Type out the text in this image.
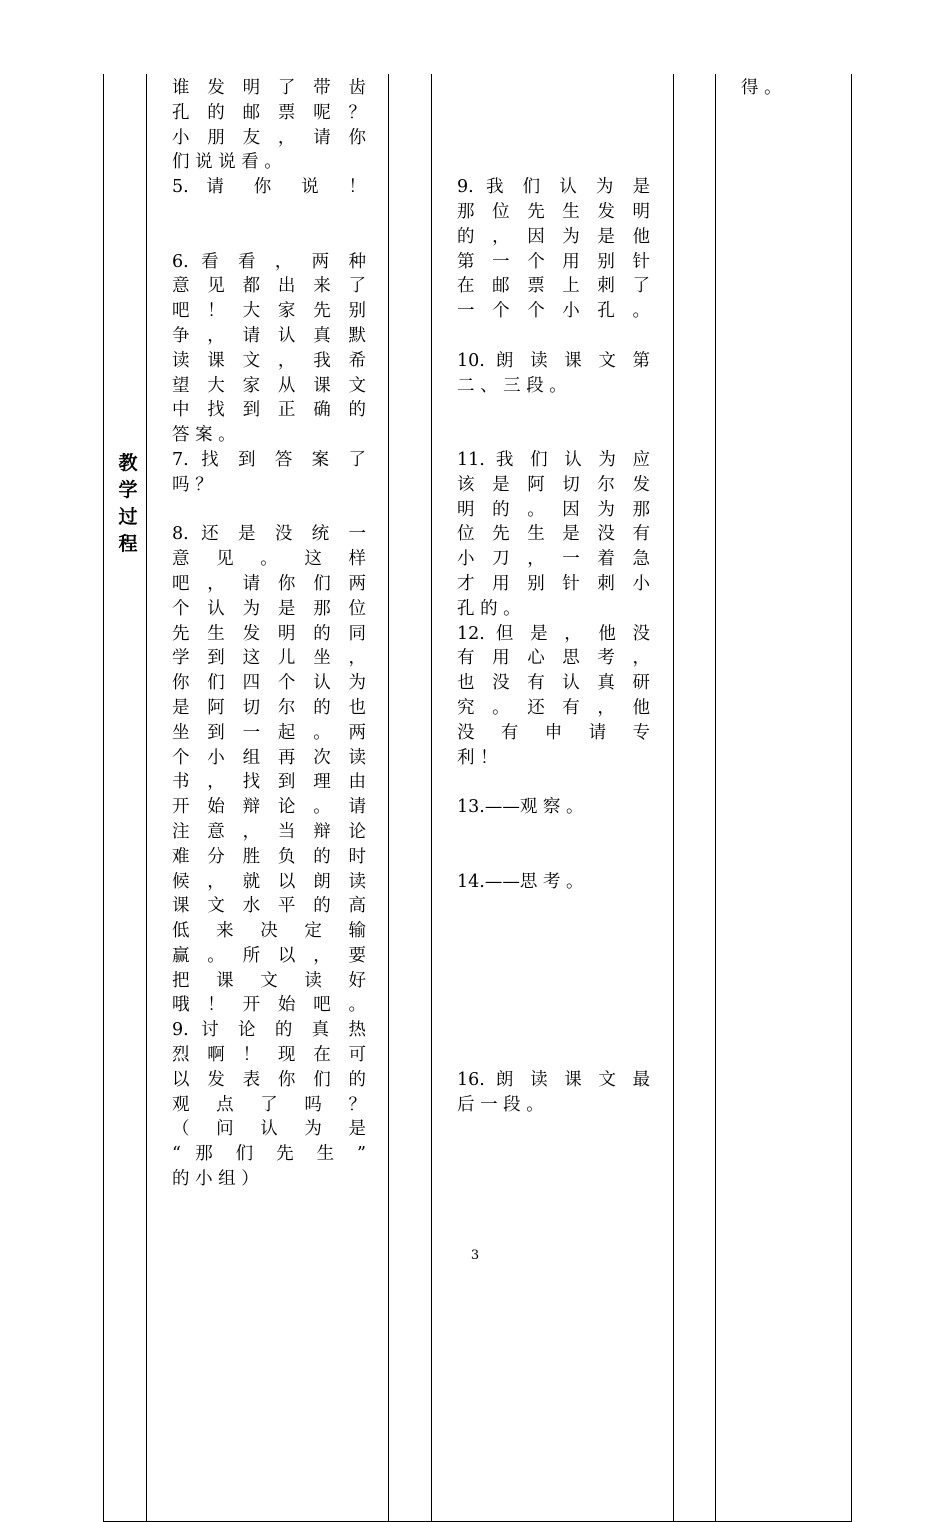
教
学
过
程
谁 发 明 了 带 齿
孔 的 邮 票 呢 ？
小 朋 友 ， 请 你
们 说 说 看 。
5. 请 你 说 ！

6. 看 看 ， 两 种
意 见 都 出 来 了
吧 ！ 大 家 先 别
争 ， 请 认 真 默
读 课 文 ， 我 希
望 大 家 从 课 文
中 找 到 正 确 的
答 案 。
7. 找 到 答 案 了
吗 ？

8. 还 是 没 统 一
意 见 。 这 样
吧 ， 请 你 们 两
个 认 为 是 那 位
先 生 发 明 的 同
学 到 这 儿 坐 ，
你 们 四 个 认 为
是 阿 切 尔 的 也
坐 到 一 起 。 两
个 小 组 再 次 读
书 ， 找 到 理 由
开 始 辩 论 。 请
注 意 ， 当 辩 论
难 分 胜 负 的 时
候 ， 就 以 朗 读
课 文 水 平 的 高
低 来 决 定 输
赢 。 所 以 ， 要
把 课 文 读 好
哦 ！ 开 始 吧 。
9. 讨 论 的 真 热
烈 啊 ！ 现 在 可
以 发 表 你 们 的
观 点 了 吗 ？
（ 问 认 为 是
“ 那 们 先 生 ”
的 小 组 ）

9. 我 们 认 为 是
那 位 先 生 发 明
的 ， 因 为 是 他
第 一 个 用 别 针
在 邮 票 上 刺 了
一 个 个 小 孔 。

10. 朗 读 课 文 第
二 、 三 段 。

11. 我 们 认 为 应
该 是 阿 切 尔 发
明 的 。 因 为 那
位 先 生 是 没 有
小 刀 ， 一 着 急
才 用 别 针 刺 小
孔 的 。
12. 但 是 ， 他 没
有 用 心 思 考 ，
也 没 有 认 真 研
究 。 还 有 ， 他
没 有 申 请 专
利 ！

13.——观 察 。

14.——思 考 。

16. 朗 读 课 文 最
后 一 段 。
得 。
3
